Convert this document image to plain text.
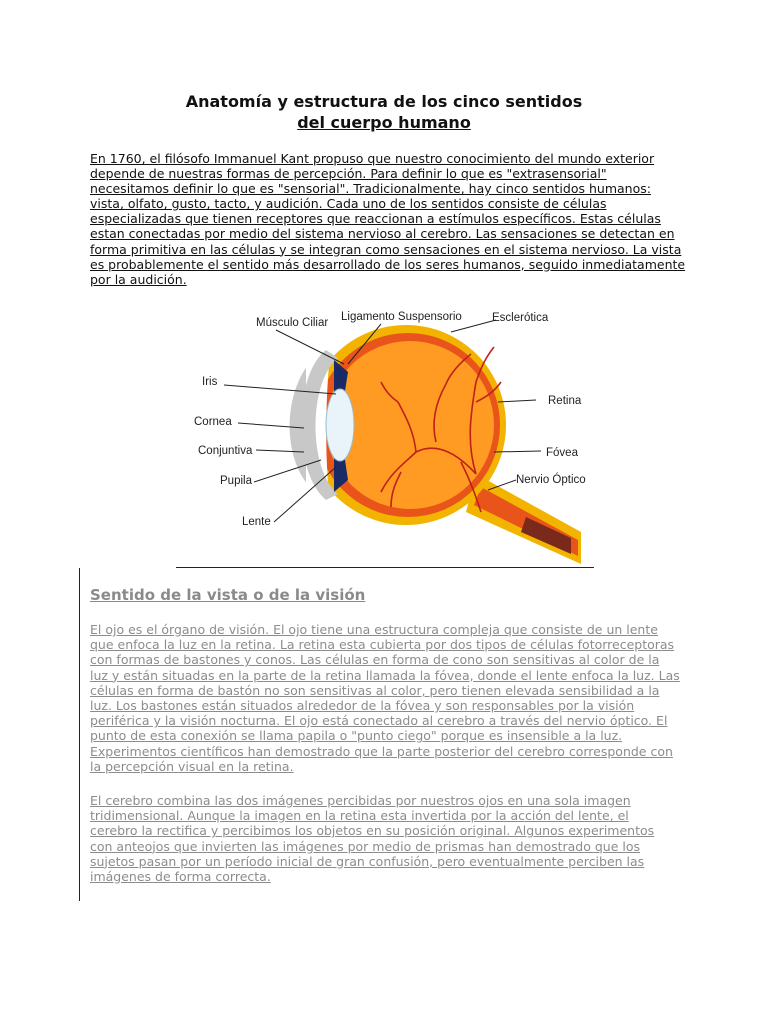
Anatomía y estructura de los cinco sentidos
del cuerpo humano
En 1760, el filósofo Immanuel Kant propuso que nuestro conocimiento del mundo exterior depende de nuestras formas de percepción. Para definir lo que es "extrasensorial" necesitamos definir lo que es "sensorial". Tradicionalmente, hay cinco sentidos humanos: vista, olfato, gusto, tacto, y audición. Cada uno de los sentidos consiste de células especializadas que tienen receptores que reaccionan a estímulos específicos. Estas células estan conectadas por medio del sistema nervioso al cerebro. Las sensaciones se detectan en forma primitiva en las células y se integran como sensaciones en el sistema nervioso. La vista es probablemente el sentido más desarrollado de los seres humanos, seguido inmediatamente por la audición.
Músculo Ciliar Ligamento Suspensorio	Esclerótica
Iris
Retina
Cornea
Fóvea
Conjuntiva
Nervio Óptico
Pupila
Lente
Sentido de la vista o de la visión
El ojo es el órgano de visión. El ojo tiene una estructura compleja que consiste de un lente que enfoca la luz en la retina. La retina esta cubierta por dos tipos de células fotorreceptoras con formas de bastones y conos. Las células en forma de cono son sensitivas al color de la luz y están situadas en la parte de la retina llamada la fóvea, donde el lente enfoca la luz. Las células en forma de bastón no son sensitivas al color, pero tienen elevada sensibilidad a la luz. Los bastones están situados alrededor de la fóvea y son responsables por la visión periférica y la visión nocturna. El ojo está conectado al cerebro a través del nervio óptico. El punto de esta conexión se llama papila o "punto ciego" porque es insensible a la luz. Experimentos científicos han demostrado que la parte posterior del cerebro corresponde con la percepción visual en la retina.
El cerebro combina las dos imágenes percibidas por nuestros ojos en una sola imagen tridimensional. Aunque la imagen en la retina esta invertida por la acción del lente, el cerebro la rectifica y percibimos los objetos en su posición original. Algunos experimentos con anteojos que invierten las imágenes por medio de prismas han demostrado que los sujetos pasan por un período inicial de gran confusión, pero eventualmente perciben las imágenes de forma correcta.
